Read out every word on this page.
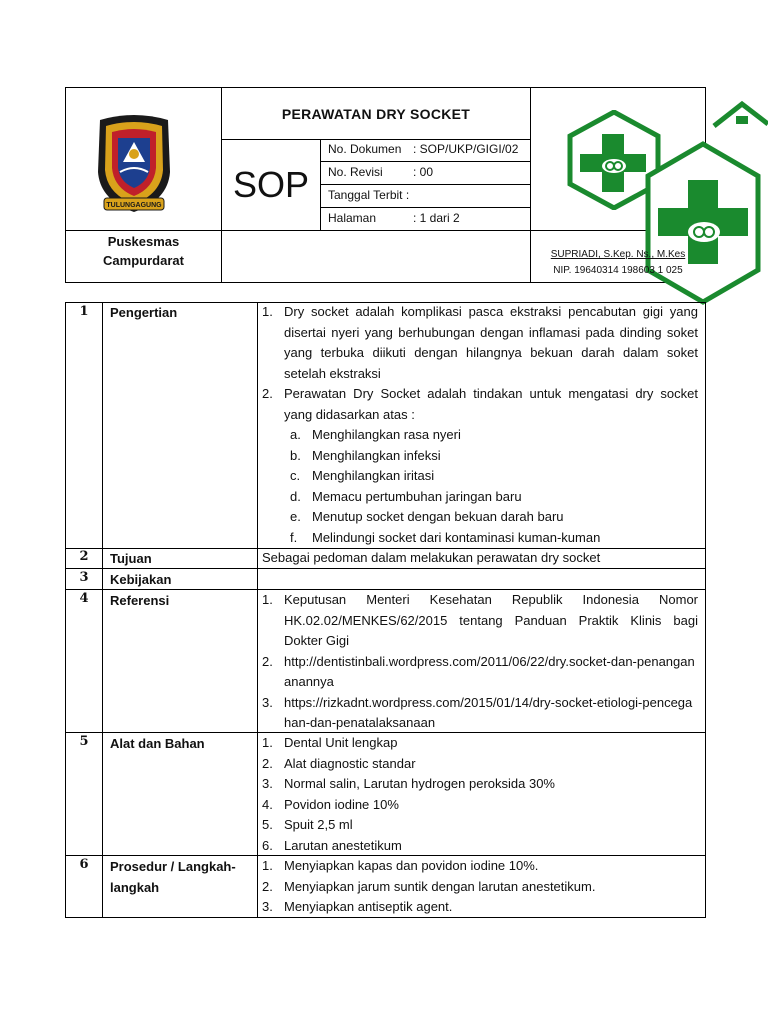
TULUNGAGUNG
PERAWATAN DRY SOCKET
SOP
No. Dokumen : SOP/UKP/GIGI/02
No. Revisi	: 00
Tanggal Terbit :
Halaman	: 1 dari 2
Puskesmas
Campurdarat	SUPRIADI, S.Kep. Ns., M.Kes
NIP. 19640314 198603 1 025
1	Pengertian	1. Dry socket adalah komplikasi pasca ekstraksi pencabutan gigi yang disertai nyeri yang berhubungan dengan inflamasi pada dinding soket yang terbuka diikuti dengan hilangnya bekuan darah dalam soket setelah ekstraksi
2. Perawatan Dry Socket adalah tindakan untuk mengatasi dry socket yang didasarkan atas :
a. Menghilangkan rasa nyeri
b. Menghilangkan infeksi
c. Menghilangkan iritasi
d. Memacu pertumbuhan jaringan baru
e. Menutup socket dengan bekuan darah baru
f.	Melindungi socket dari kontaminasi kuman-kuman
2	Tujuan	Sebagai pedoman dalam melakukan perawatan dry socket
3	Kebijakan
4	Referensi	1. Keputusan Menteri Kesehatan Republik Indonesia Nomor HK.02.02/MENKES/62/2015 tentang Panduan Praktik Klinis bagi Dokter Gigi
2. http://dentistinbali.wordpress.com/2011/06/22/dry.socket-dan-penangananannya
3. https://rizkadnt.wordpress.com/2015/01/14/dry-socket-etiologi-pencegahan-dan-penatalaksanaan
5	Alat dan Bahan	1. Dental Unit lengkap
2. Alat diagnostic standar
3. Normal salin, Larutan hydrogen peroksida 30%
4. Povidon iodine 10%
5. Spuit 2,5 ml
6. Larutan anestetikum
6	Prosedur / Langkah-
langkah
1. Menyiapkan kapas dan povidon iodine 10%.
2. Menyiapkan jarum suntik dengan larutan anestetikum.
3. Menyiapkan antiseptik agent.
